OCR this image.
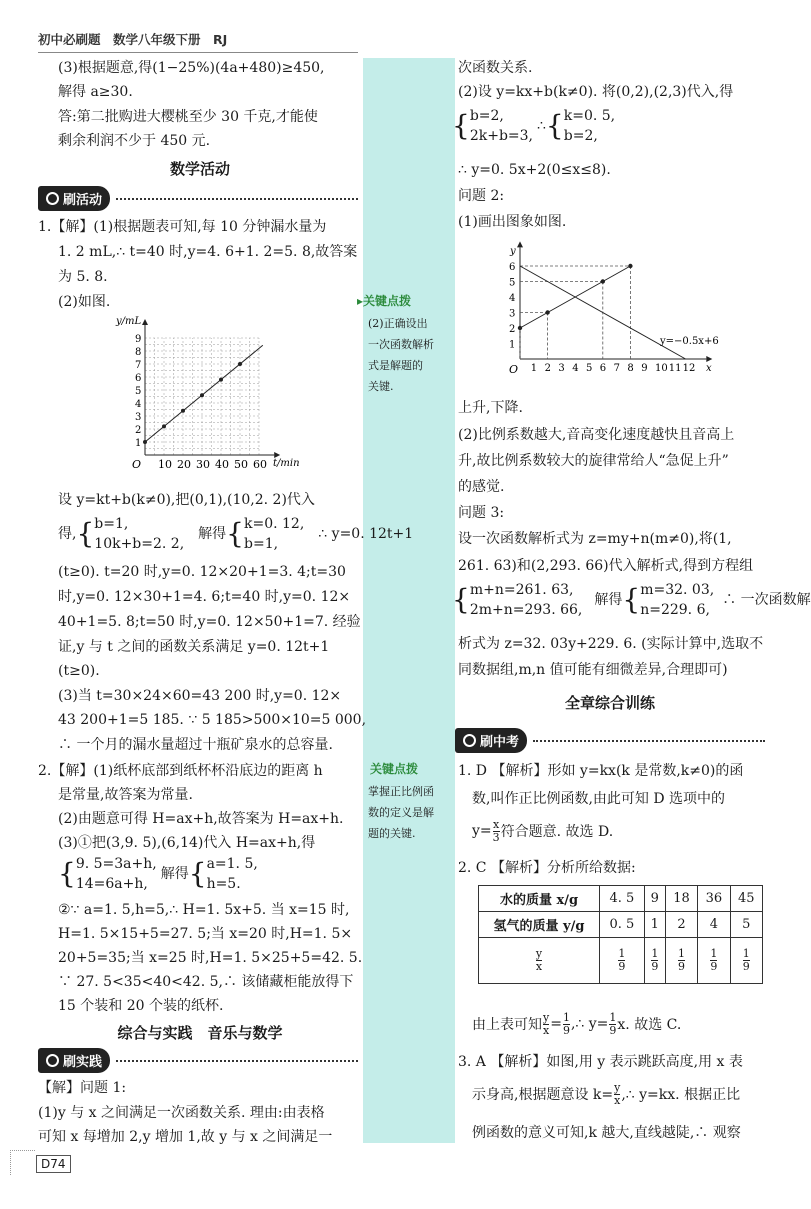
初中必刷题　数学八年级下册　RJ
▸关键点拨
(2)正确设出
一次函数解析
式是解题的
关键.
关键点拨
掌握正比例函
数的定义是解
题的关键.
(3)根据题意,得(1−25%)(4a+480)≥450,
解得 a≥30.
答:第二批购进大樱桃至少 30 千克,才能使
剩余利润不少于 450 元.
数学活动
刷活动
1.【解】(1)根据题表可知,每 10 分钟漏水量为
1. 2 mL,∴ t=40 时,y=4. 6+1. 2=5. 8,故答案
为 5. 8.
(2)如图.
10 20 30 40 50 60
1
2
3
4
5
6
7
8
9
y/mL
t/min
O
设 y=kt+b(k≠0),把(0,1),(10,2. 2)代入
得, { b=1,
10k+b=2. 2,
解得 { k=0. 12,
b=1,
∴ y=0. 12t+1
(t≥0). t=20 时,y=0. 12×20+1=3. 4;t=30
时,y=0. 12×30+1=4. 6;t=40 时,y=0. 12×
40+1=5. 8;t=50 时,y=0. 12×50+1=7. 经验
证,y 与 t 之间的函数关系满足 y=0. 12t+1
(t≥0).
(3)当 t=30×24×60=43 200 时,y=0. 12×
43 200+1=5 185. ∵ 5 185>500×10=5 000,
∴ 一个月的漏水量超过十瓶矿泉水的总容量.
2.【解】(1)纸杯底部到纸杯杯沿底边的距离 h
是常量,故答案为常量.
(2)由题意可得 H=ax+h,故答案为 H=ax+h.
(3)①把(3,9. 5),(6,14)代入 H=ax+h,得
{ 9. 5=3a+h,
14=6a+h,
解得 { a=1. 5,
h=5.
②∵ a=1. 5,h=5,∴ H=1. 5x+5. 当 x=15 时,
H=1. 5×15+5=27. 5;当 x=20 时,H=1. 5×
20+5=35;当 x=25 时,H=1. 5×25+5=42. 5.
∵ 27. 5<35<40<42. 5,∴ 该储藏柜能放得下
15 个装和 20 个装的纸杯.
综合与实践　音乐与数学
刷实践
【解】问题 1:
(1)y 与 x 之间满足一次函数关系. 理由:由表格
可知 x 每增加 2,y 增加 1,故 y 与 x 之间满足一
次函数关系.
(2)设 y=kx+b(k≠0). 将(0,2),(2,3)代入,得
{ b=2,
2k+b=3,
∴ { k=0. 5,
b=2,
∴ y=0. 5x+2(0≤x≤8).
问题 2:
(1)画出图象如图.
1 2 3 4 5 6 7 8 9 10 11 12
1
2
3
4
5
6
y
x
O
y=−0.5x+6
上升,下降.
(2)比例系数越大,音高变化速度越快且音高上
升,故比例系数较大的旋律常给人“急促上升”
的感觉.
问题 3:
设一次函数解析式为 z=my+n(m≠0),将(1,
261. 63)和(2,293. 66)代入解析式,得到方程组
{ m+n=261. 63,
2m+n=293. 66,
解得 { m=32. 03,
n=229. 6,
∴ 一次函数解
析式为 z=32. 03y+229. 6. (实际计算中,选取不
同数据组,m,n 值可能有细微差异,合理即可)
全章综合训练
刷中考
1. D 【解析】形如 y=kx(k 是常数,k≠0)的函
数,叫作正比例函数,由此可知 D 选项中的
$y= \frac{x}{3}$ 符合题意. 故选 D.
2. C 【解析】分析所给数据:
水的质量 x/g	4. 5	9	18	36	45
氢气的质量 y/g	0. 5	1	2	4	5

$\frac{y}{x}$	$\frac{1}{9}$	$\frac{1}{9}$	$\frac{1}{9}$	$\frac{1}{9}$	$\frac{1}{9}$
由上表可知 $\frac{y}{x} = \frac{1}{9}$ ,∴ $y= \frac{1}{9} x$. 故选 C.
3. A 【解析】如图,用 y 表示跳跃高度,用 x 表
示身高,根据题意设 $k= \frac{y}{x}$ ,∴ y=kx. 根据正比
例函数的意义可知,k 越大,直线越陡,∴ 观察
D74
